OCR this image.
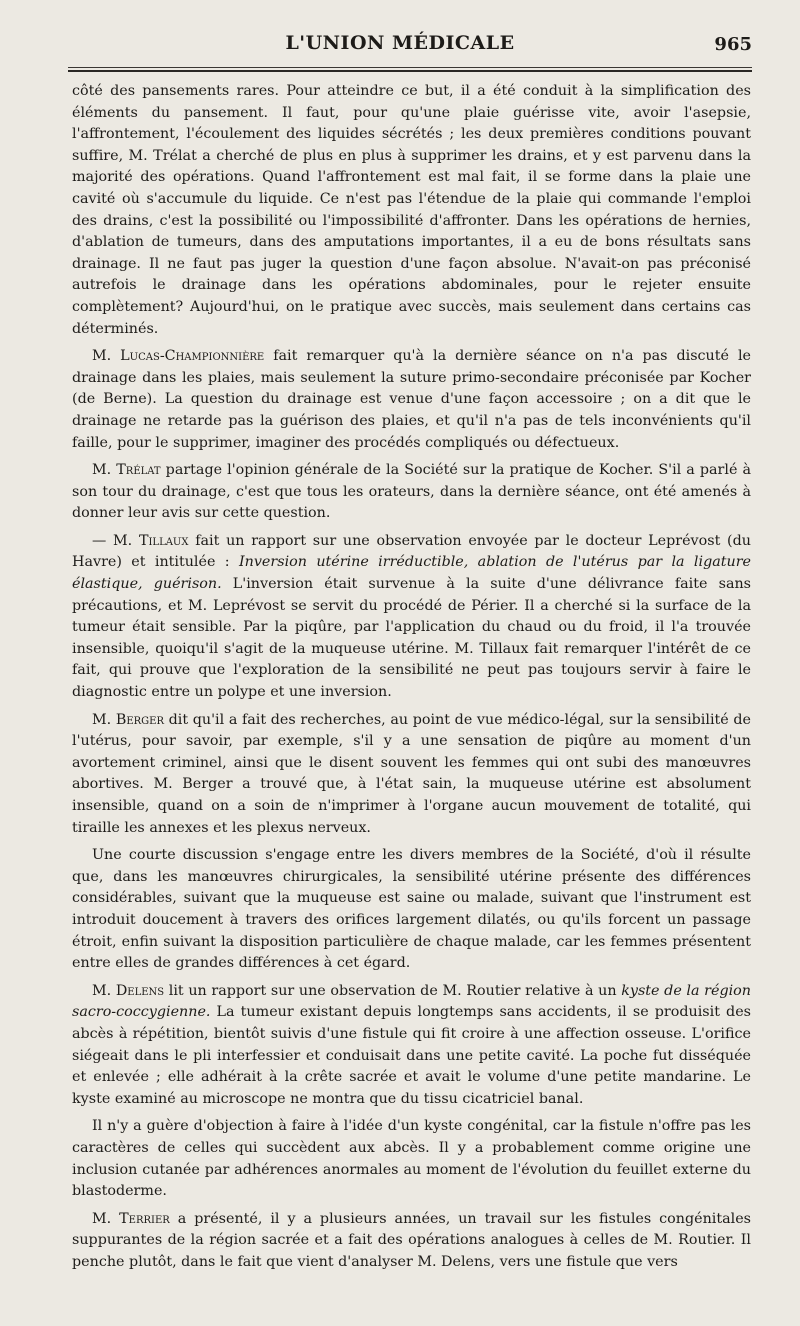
L'UNION MÉDICALE	965

côté des pansements rares. Pour atteindre ce but, il a été conduit à la simplification des éléments du pansement. Il faut, pour qu'une plaie guérisse vite, avoir l'asepsie, l'affrontement, l'écoulement des liquides sécrétés ; les deux premières conditions pouvant suffire, M. Trélat a cherché de plus en plus à supprimer les drains, et y est parvenu dans la majorité des opérations. Quand l'affrontement est mal fait, il se forme dans la plaie une cavité où s'accumule du liquide. Ce n'est pas l'étendue de la plaie qui commande l'emploi des drains, c'est la possibilité ou l'impossibilité d'affronter. Dans les opérations de hernies, d'ablation de tumeurs, dans des amputations importantes, il a eu de bons résultats sans drainage. Il ne faut pas juger la question d'une façon absolue. N'avait-on pas préconisé autrefois le drainage dans les opérations abdominales, pour le rejeter ensuite complètement? Aujourd'hui, on le pratique avec succès, mais seulement dans certains cas déterminés.

M. Lucas-Championnière fait remarquer qu'à la dernière séance on n'a pas discuté le drainage dans les plaies, mais seulement la suture primo-secondaire préconisée par Kocher (de Berne). La question du drainage est venue d'une façon accessoire ; on a dit que le drainage ne retarde pas la guérison des plaies, et qu'il n'a pas de tels inconvénients qu'il faille, pour le supprimer, imaginer des procédés compliqués ou défectueux.

M. Trélat partage l'opinion générale de la Société sur la pratique de Kocher. S'il a parlé à son tour du drainage, c'est que tous les orateurs, dans la dernière séance, ont été amenés à donner leur avis sur cette question.

— M. Tillaux fait un rapport sur une observation envoyée par le docteur Leprévost (du Havre) et intitulée : Inversion utérine irréductible, ablation de l'utérus par la ligature élastique, guérison. L'inversion était survenue à la suite d'une délivrance faite sans précautions, et M. Leprévost se servit du procédé de Périer. Il a cherché si la surface de la tumeur était sensible. Par la piqûre, par l'application du chaud ou du froid, il l'a trouvée insensible, quoiqu'il s'agit de la muqueuse utérine. M. Tillaux fait remarquer l'intérêt de ce fait, qui prouve que l'exploration de la sensibilité ne peut pas toujours servir à faire le diagnostic entre un polype et une inversion.

M. Berger dit qu'il a fait des recherches, au point de vue médico-légal, sur la sensibilité de l'utérus, pour savoir, par exemple, s'il y a une sensation de piqûre au moment d'un avortement criminel, ainsi que le disent souvent les femmes qui ont subi des manœuvres abortives. M. Berger a trouvé que, à l'état sain, la muqueuse utérine est absolument insensible, quand on a soin de n'imprimer à l'organe aucun mouvement de totalité, qui tiraille les annexes et les plexus nerveux.

Une courte discussion s'engage entre les divers membres de la Société, d'où il résulte que, dans les manœuvres chirurgicales, la sensibilité utérine présente des différences considérables, suivant que la muqueuse est saine ou malade, suivant que l'instrument est introduit doucement à travers des orifices largement dilatés, ou qu'ils forcent un passage étroit, enfin suivant la disposition particulière de chaque malade, car les femmes présentent entre elles de grandes différences à cet égard.

M. Delens lit un rapport sur une observation de M. Routier relative à un kyste de la région sacro-coccygienne. La tumeur existant depuis longtemps sans accidents, il se produisit des abcès à répétition, bientôt suivis d'une fistule qui fit croire à une affection osseuse. L'orifice siégeait dans le pli interfessier et conduisait dans une petite cavité. La poche fut disséquée et enlevée ; elle adhérait à la crête sacrée et avait le volume d'une petite mandarine. Le kyste examiné au microscope ne montra que du tissu cicatriciel banal.

Il n'y a guère d'objection à faire à l'idée d'un kyste congénital, car la fistule n'offre pas les caractères de celles qui succèdent aux abcès. Il y a probablement comme origine une inclusion cutanée par adhérences anormales au moment de l'évolution du feuillet externe du blastoderme.

M. Terrier a présenté, il y a plusieurs années, un travail sur les fistules congénitales suppurantes de la région sacrée et a fait des opérations analogues à celles de M. Routier. Il penche plutôt, dans le fait que vient d'analyser M. Delens, vers une fistule que vers
